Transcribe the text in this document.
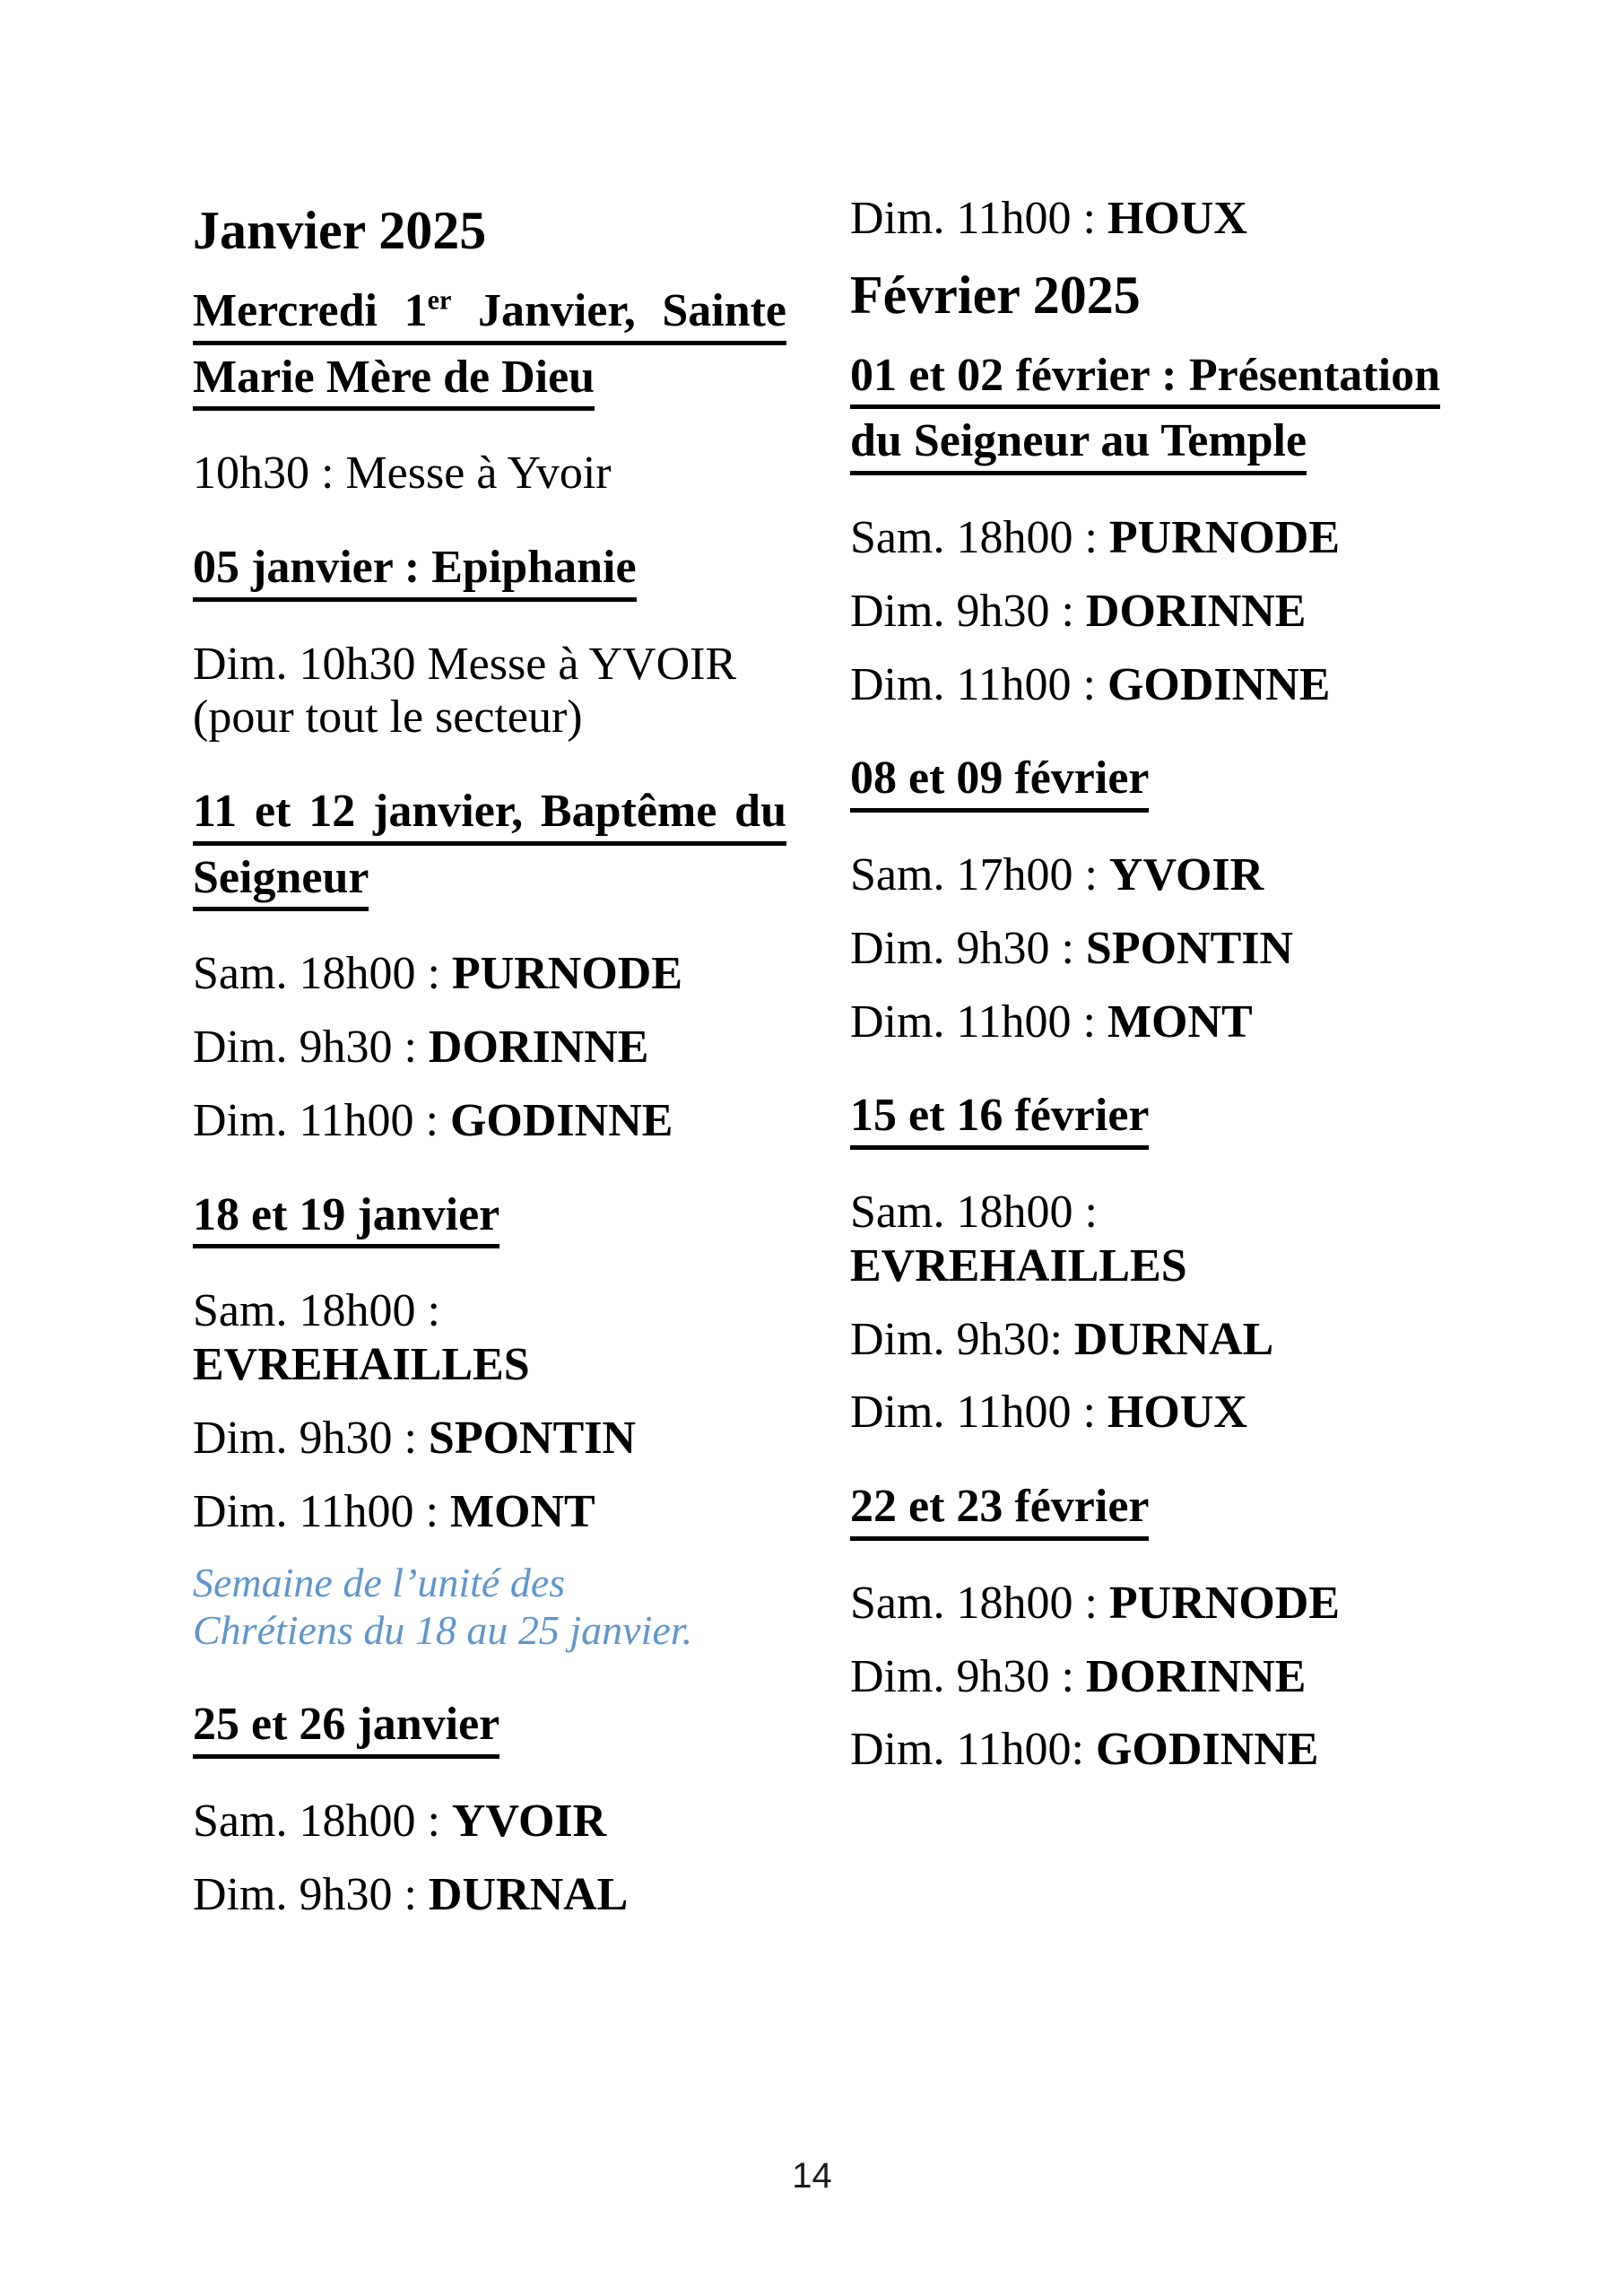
Janvier 2025
Mercredi 1er Janvier, Sainte
Marie Mère de Dieu

10h30 : Messe à Yvoir

05 janvier : Epiphanie

Dim. 10h30 Messe à YVOIR
(pour tout le secteur)

11 et 12 janvier, Baptême du
Seigneur

Sam. 18h00 : PURNODE

Dim. 9h30 : DORINNE

Dim. 11h00 : GODINNE

18 et 19 janvier

Sam. 18h00 : EVREHAILLES

Dim. 9h30 : SPONTIN

Dim. 11h00 : MONT

Semaine de l’unité des
Chrétiens du 18 au 25 janvier.

25 et 26 janvier

Sam. 18h00 : YVOIR

Dim. 9h30 : DURNAL

Dim. 11h00 : HOUX

Février 2025
01 et 02 février : Présentation
du Seigneur au Temple

Sam. 18h00 : PURNODE

Dim. 9h30 : DORINNE

Dim. 11h00 : GODINNE

08 et 09 février

Sam. 17h00 : YVOIR

Dim. 9h30 : SPONTIN

Dim. 11h00 : MONT

15 et 16 février

Sam. 18h00 : EVREHAILLES

Dim. 9h30: DURNAL

Dim. 11h00 : HOUX

22 et 23 février

Sam. 18h00 : PURNODE

Dim. 9h30 : DORINNE

Dim. 11h00: GODINNE

14
